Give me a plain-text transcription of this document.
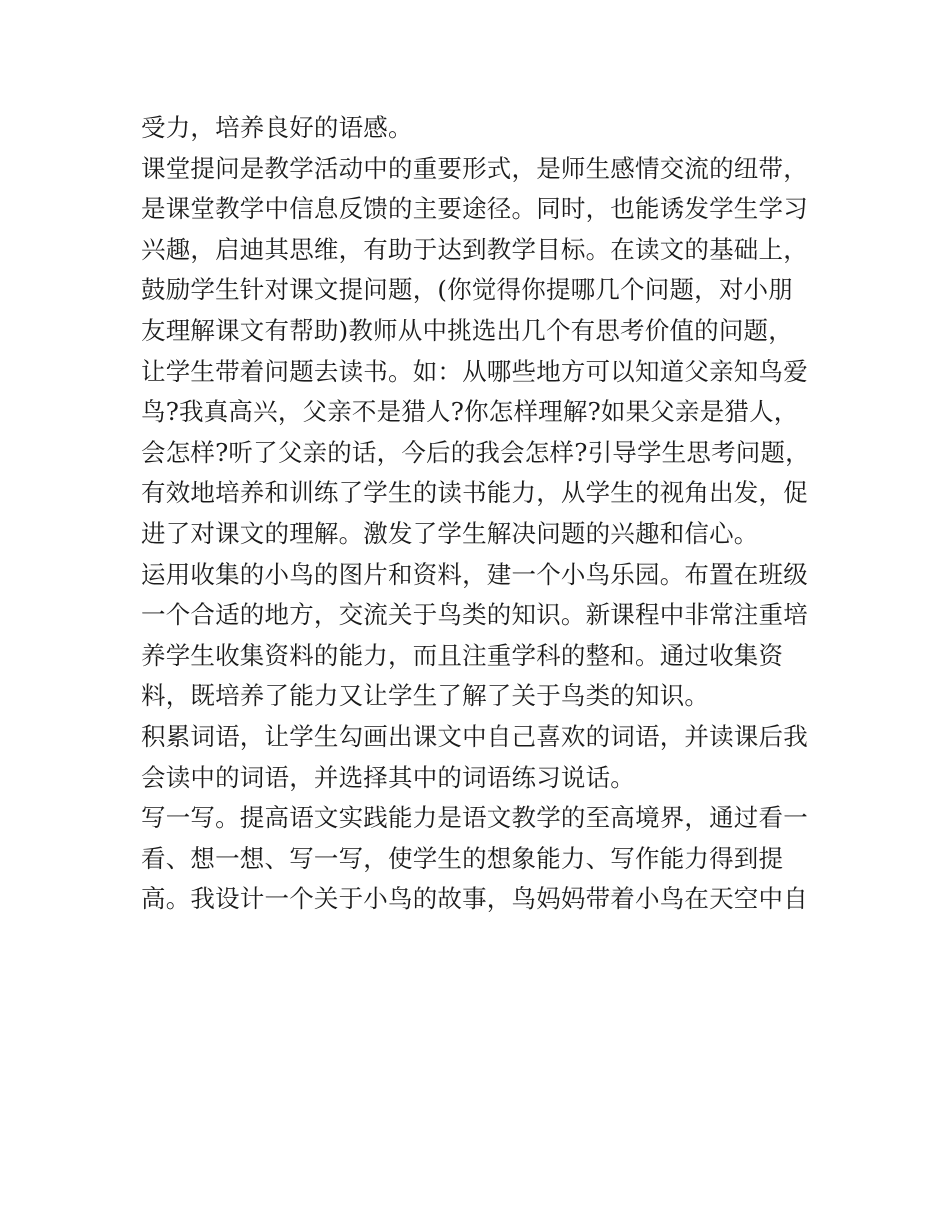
受力，培养良好的语感。
课堂提问是教学活动中的重要形式，是师生感情交流的纽带，
是课堂教学中信息反馈的主要途径。同时，也能诱发学生学习
兴趣，启迪其思维，有助于达到教学目标。在读文的基础上，
鼓励学生针对课文提问题，(你觉得你提哪几个问题，对小朋
友理解课文有帮助)教师从中挑选出几个有思考价值的问题，
让学生带着问题去读书。如：从哪些地方可以知道父亲知鸟爱
鸟?我真高兴，父亲不是猎人?你怎样理解?如果父亲是猎人，
会怎样?听了父亲的话，今后的我会怎样?引导学生思考问题，
有效地培养和训练了学生的读书能力，从学生的视角出发，促
进了对课文的理解。激发了学生解决问题的兴趣和信心。
运用收集的小鸟的图片和资料，建一个小鸟乐园。布置在班级
一个合适的地方，交流关于鸟类的知识。新课程中非常注重培
养学生收集资料的能力，而且注重学科的整和。通过收集资
料，既培养了能力又让学生了解了关于鸟类的知识。
积累词语，让学生勾画出课文中自己喜欢的词语，并读课后我
会读中的词语，并选择其中的词语练习说话。
写一写。提高语文实践能力是语文教学的至高境界，通过看一
看、想一想、写一写，使学生的想象能力、写作能力得到提
高。我设计一个关于小鸟的故事，鸟妈妈带着小鸟在天空中自
